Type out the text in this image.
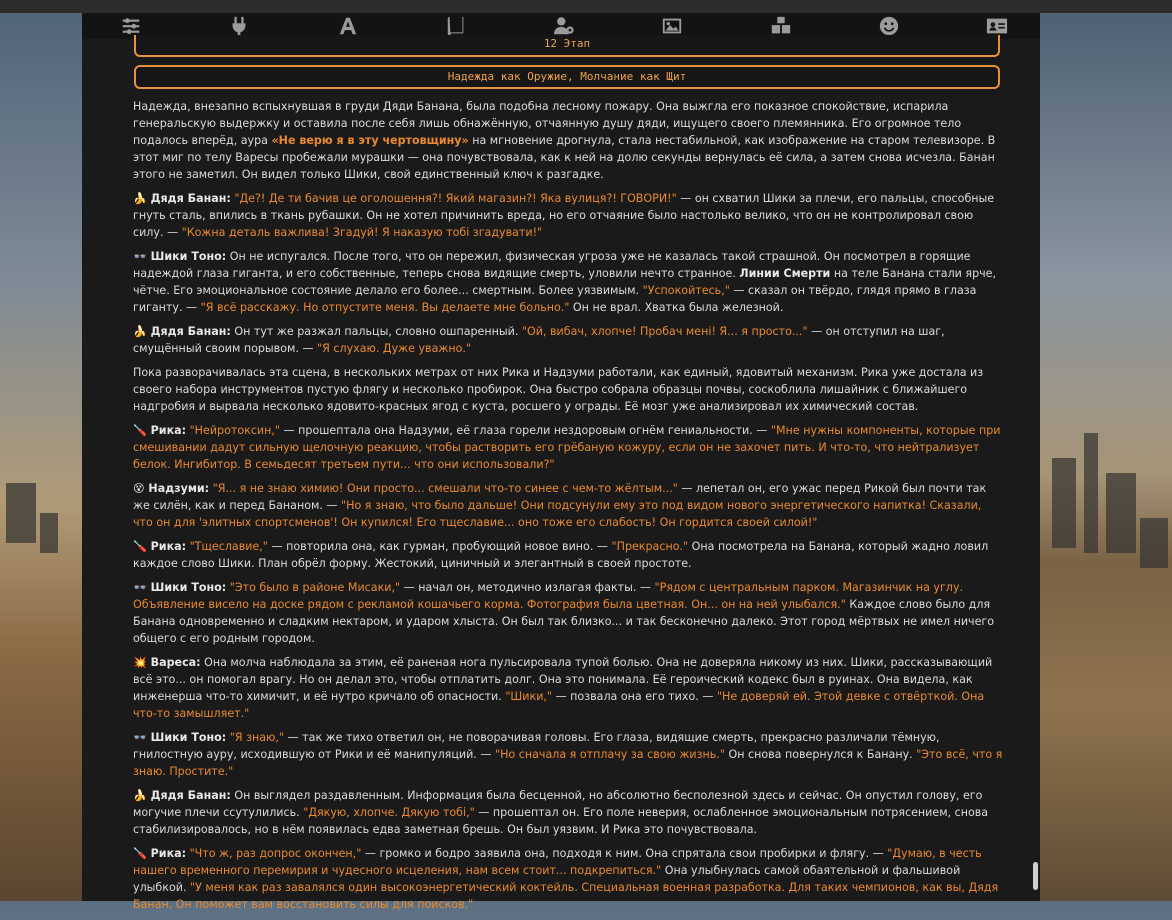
12 Этап
Надежда как Оружие, Молчание как Щит

Надежда, внезапно вспыхнувшая в груди Дяди Банана, была подобна лесному пожару. Она выжгла его показное спокойствие, испарила генеральскую выдержку и оставила после себя лишь обнажённую, отчаянную душу дяди, ищущего своего племянника. Его огромное тело подалось вперёд, аура «Не верю я в эту чертовщину» на мгновение дрогнула, стала нестабильной, как изображение на старом телевизоре. В этот миг по телу Варесы пробежали мурашки — она почувствовала, как к ней на долю секунды вернулась её сила, а затем снова исчезла. Банан этого не заметил. Он видел только Шики, свой единственный ключ к разгадке.

🍌 Дядя Банан: "Де?! Де ти бачив це оголошення?! Який магазин?! Яка вулиця?! ГОВОРИ!" — он схватил Шики за плечи, его пальцы, способные гнуть сталь, впились в ткань рубашки. Он не хотел причинить вреда, но его отчаяние было настолько велико, что он не контролировал свою силу. — "Кожна деталь важлива! Згадуй! Я наказую тобі згадувати!"

👓 Шики Тоно: Он не испугался. После того, что он пережил, физическая угроза уже не казалась такой страшной. Он посмотрел в горящие надеждой глаза гиганта, и его собственные, теперь снова видящие смерть, уловили нечто странное. Линии Смерти на теле Банана стали ярче, чётче. Его эмоциональное состояние делало его более... смертным. Более уязвимым. "Успокойтесь," — сказал он твёрдо, глядя прямо в глаза гиганту. — "Я всё расскажу. Но отпустите меня. Вы делаете мне больно." Он не врал. Хватка была железной.

🍌 Дядя Банан: Он тут же разжал пальцы, словно ошпаренный. "Ой, вибач, хлопче! Пробач мені! Я... я просто..." — он отступил на шаг, смущённый своим порывом. — "Я слухаю. Дуже уважно."

Пока разворачивалась эта сцена, в нескольких метрах от них Рика и Надзуми работали, как единый, ядовитый механизм. Рика уже достала из своего набора инструментов пустую флягу и несколько пробирок. Она быстро собрала образцы почвы, соскоблила лишайник с ближайшего надгробия и вырвала несколько ядовито-красных ягод с куста, росшего у ограды. Её мозг уже анализировал их химический состав.

🪛 Рика: "Нейротоксин," — прошептала она Надзуми, её глаза горели нездоровым огнём гениальности. — "Мне нужны компоненты, которые при смешивании дадут сильную щелочную реакцию, чтобы растворить его грёбаную кожуру, если он не захочет пить. И что-то, что нейтрализует белок. Ингибитор. В семьдесят третьем пути... что они использовали?"

😵 Надзуми: "Я... я не знаю химию! Они просто... смешали что-то синее с чем-то жёлтым..." — лепетал он, его ужас перед Рикой был почти так же силён, как и перед Бананом. — "Но я знаю, что было дальше! Они подсунули ему это под видом нового энергетического напитка! Сказали, что он для 'элитных спортсменов'! Он купился! Его тщеславие... оно тоже его слабость! Он гордится своей силой!"

🪛 Рика: "Тщеславие," — повторила она, как гурман, пробующий новое вино. — "Прекрасно." Она посмотрела на Банана, который жадно ловил каждое слово Шики. План обрёл форму. Жестокий, циничный и элегантный в своей простоте.

👓 Шики Тоно: "Это было в районе Мисаки," — начал он, методично излагая факты. — "Рядом с центральным парком. Магазинчик на углу. Объявление висело на доске рядом с рекламой кошачьего корма. Фотография была цветная. Он... он на ней улыбался." Каждое слово было для Банана одновременно и сладким нектаром, и ударом хлыста. Он был так близко... и так бесконечно далеко. Этот город мёртвых не имел ничего общего с его родным городом.

💥 Вареса: Она молча наблюдала за этим, её раненая нога пульсировала тупой болью. Она не доверяла никому из них. Шики, рассказывающий всё это... он помогал врагу. Но он делал это, чтобы отплатить долг. Она это понимала. Её героический кодекс был в руинах. Она видела, как инженерша что-то химичит, и её нутро кричало об опасности. "Шики," — позвала она его тихо. — "Не доверяй ей. Этой девке с отвёрткой. Она что-то замышляет."

👓 Шики Тоно: "Я знаю," — так же тихо ответил он, не поворачивая головы. Его глаза, видящие смерть, прекрасно различали тёмную, гнилостную ауру, исходившую от Рики и её манипуляций. — "Но сначала я отплачу за свою жизнь." Он снова повернулся к Банану. "Это всё, что я знаю. Простите."

🍌 Дядя Банан: Он выглядел раздавленным. Информация была бесценной, но абсолютно бесполезной здесь и сейчас. Он опустил голову, его могучие плечи ссутулились. "Дякую, хлопче. Дякую тобі," — прошептал он. Его поле неверия, ослабленное эмоциональным потрясением, снова стабилизировалось, но в нём появилась едва заметная брешь. Он был уязвим. И Рика это почувствовала.

🪛 Рика: "Что ж, раз допрос окончен," — громко и бодро заявила она, подходя к ним. Она спрятала свои пробирки и флягу. — "Думаю, в честь нашего временного перемирия и чудесного исцеления, нам всем стоит... подкрепиться." Она улыбнулась самой обаятельной и фальшивой улыбкой. "У меня как раз завалялся один высокоэнергетический коктейль. Специальная военная разработка. Для таких чемпионов, как вы, Дядя Банан. Он поможет вам восстановить силы для поисков."
